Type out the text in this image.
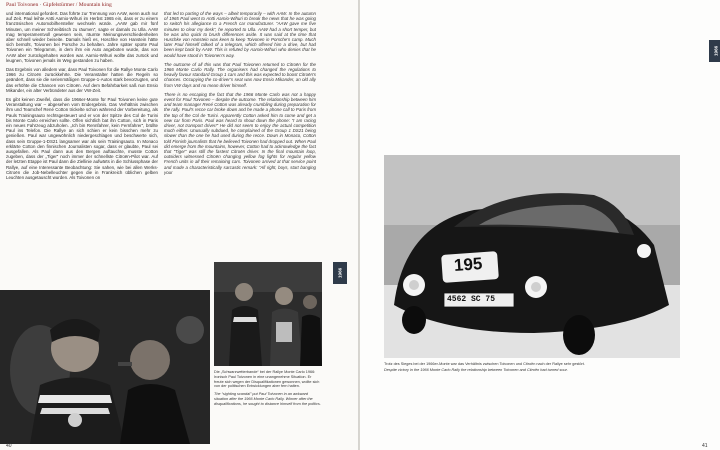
Paul Toivonen · Gipfelstürmer / Mountain king

und international gefordert. Das führte zur Trennung von AAW, wenn auch nur auf Zeit. Paul leihte Antti Aarnio-Wihuri im Herbst 1965 ein, dass er zu einem französischen Automobilhersteller wechseln würde. „AAW gab mir fünf Minuten, um meiner Schreibtisch zu räumen“, sagte er damals zu Ulla. AAW mag temperamentvoll gewesen sein, räumte Meinungsverschiedenheiten aber schnell wieder beiseite. Damals hieß es, Hoschke von Hanstein hätte sich bemüht, Toivonen bei Porsche zu behalten. Jahre später spürte Paul Toivonen ein Telegramm, in dem ihm ein Auto angeboten wurde, das von AAW aber zurückgehalten worden war. Aarnio-Wihuri wollte das zurück und leugnen, Toivonen jemals im Weg gestanden zu haben.

Das Ergebnis von alledem war, dass Paul Toivonen für die Rallye Monte Carlo 1966 zu Citroën zurückkehrte. Die Veranstalter hatten die Regeln so geändert, dass sie die serienmäßigen Gruppe-1-Autos stark bevorzugten, und das erhöhte die Chancen von Citroën. Auf dem Befahrbarkeit saß nun Ensio Mikander, ein alter Verbündeter aus der VW-Zeit.

Es gibt keinen Zweifel, dass die 1966er-Monte für Paul Toivonen keine gute Veranstaltung war – abgesehen vom Endergebnis. Das Verhältnis zwischen ihm und Teamchef René Cotton trickelte schon während der Vorbereitung, als Pauls Trainingsauto rechtsgesteuert und er von der Spitze des Col de Turini bis Monte Carlo erreichen sollte. Offen sichtlich bat ihn Cotton, sich in Paris ein neues Fahrzeug abzuholen. „Ich bin Rennfahrer, kein Fernfahrer“, brüllte Paul ins Telefon. Die Rallye an sich schien er kein bisschen mehr zu genießen. Paul war ungewöhnlich niedergeschlagen und beschwerte sich, dass sein Gruppe-1-DS21 langsamer war als sein Trainingsauto. In Monaco erklärte Cotton den finnischen Journalisten sogar, dass er glaubte, Paul sei ausgefallen. Als Paul dann aus den Bergen auftauchte, musste Cotton zugeben, dass der „Tiger“ noch immer der schnellste Citroën-Pilot war. Auf der letzten Etappe ist Paul dann die Ziellinie aufwärts in die Schlussphase der Rallye, auf eine Interessante Beobachtung: Sie sahen, wie bei allen Werks-Citroën die Job-Nebelleuchter gegen die in Frankreich üblichen gelben Leuchten ausgetauscht wurden. Als Toivonen on

that led to parting of the ways – albeit temporarily – with AAW. In the autumn of 1965 Paul went to Antti Aarnio-Wihuri to break the news that he was going to switch his allegiance to a French car manufacturer. “AAW gave me five minutes to clear my desk”, he reported to Ulla. AAW had a short temper, but he was also quick to brush differences aside. It was said at the time that Huschke von Hanstein was keen to keep Toivonen in Porsche’s camp. Much later Paul himself talked of a telegram, which offered him a drive, but had been kept back by AAW. This is refuted by Aarnio-Wihuri who denies that he would have stood in Toivonen’s way.

The outcome of all this was that Paul Toivonen returned to Citroën for the 1966 Monte Carlo Rally. The organisers had changed the regulations to heavily favour standard Group 1 cars and this was expected to boost Citroën’s chances. Occupying the co-driver’s seat was now Ensio Mikander, an old ally from VW days and no mean driver himself.

There is no escaping the fact that the 1966 Monte Carlo was not a happy event for Paul Toivonen – despite the outcome. The relationship between him and team manager René Cotton was already crumbling during preparation for the rally. Paul’s recce car broke down and he made a phone call to Paris from the top of the Col de Turini. Apparently Cotton asked him to come and get a new car from Paris. Paul was heard to shout down the phone: “I am racing driver, not transport driver!” He did not seem to enjoy the actual competition much either. Unusually subdued, he complained of the Group 1 DS21 being slower than the one he had used during the recce. Down in Monaco, Cotton told Finnish journalists that he believed Toivonen had dropped out. When Paul did emerge from the mountains, however, Cotton had to acknowledge the fact that “Tiger” was still the fastest Citroën driver. In the final mountain loop, outsiders witnessed Citroën changing yellow fog lights for regular yellow French units in all their remaining cars. Toivonen arrived at that service point and made a characteristically sarcastic remark: “All right, boys, start banging your

1966

Die „Schwarzwetterbande“ bei der Rallye Monte Carlo 1966: Ironisch Paul Toivonen in eine unangenehme Situation. Er freute sich wegen der Disqualifikationen gewonnen, wollte sich von der politischen Entwicklungen aber fern halten.

The “sighting scandal” put Paul Toivonen in an awkward situation after the 1966 Monte Carlo Rally. Winner after the disqualifications, he sought to distance himself from the politics.

40
1966
195
4562 SC 75

Trotz des Sieges bei der 1966er-Monte war das Verhältnis zwischen Toivonen und Citroën nach der Rallye sehr gestört.

Despite victory in the 1966 Monte Carlo Rally the relationship between Toivonen and Citroën had turned sour.

41
